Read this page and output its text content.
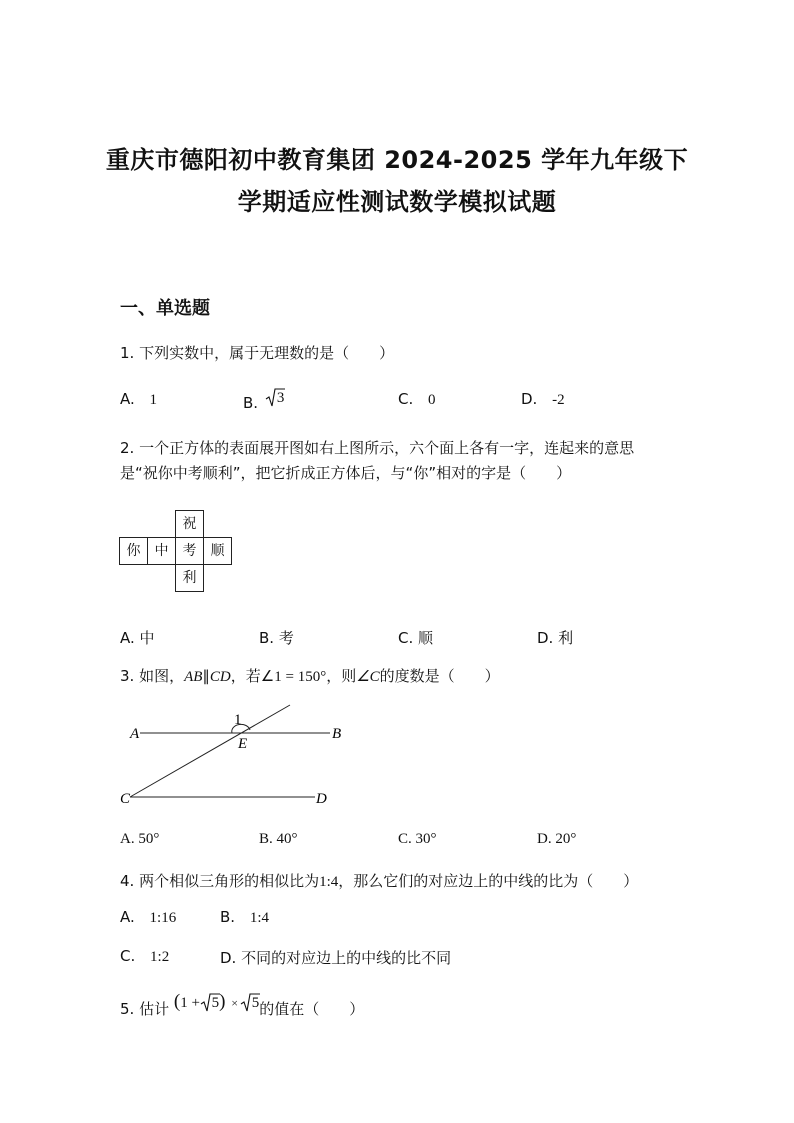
重庆市德阳初中教育集团 2024-2025 学年九年级下
学期适应性测试数学模拟试题
一、单选题
1. 下列实数中，属于无理数的是（　　）
A. 1	B. 3	C. 0	D. -2
2. 一个正方体的表面展开图如右上图所示，六个面上各有一字，连起来的意思
是“祝你中考顺利”，把它折成正方体后，与“你”相对的字是（　　）
祝
你	中	考	顺
利
A. 中	B. 考	C. 顺	D. 利
3. 如图，AB∥CD，若∠1 = 150°，则∠C的度数是（　　）
A	B
C	D
E
1
A. 50°	B. 40°	C. 30°	D. 20°
4. 两个相似三角形的相似比为1:4，那么它们的对应边上的中线的比为（　　）
A. 1:16	B. 1:4
C. 1:2	D. 不同的对应边上的中线的比不同
5. 估计 (1 + 5) × 5的值在（　　）
